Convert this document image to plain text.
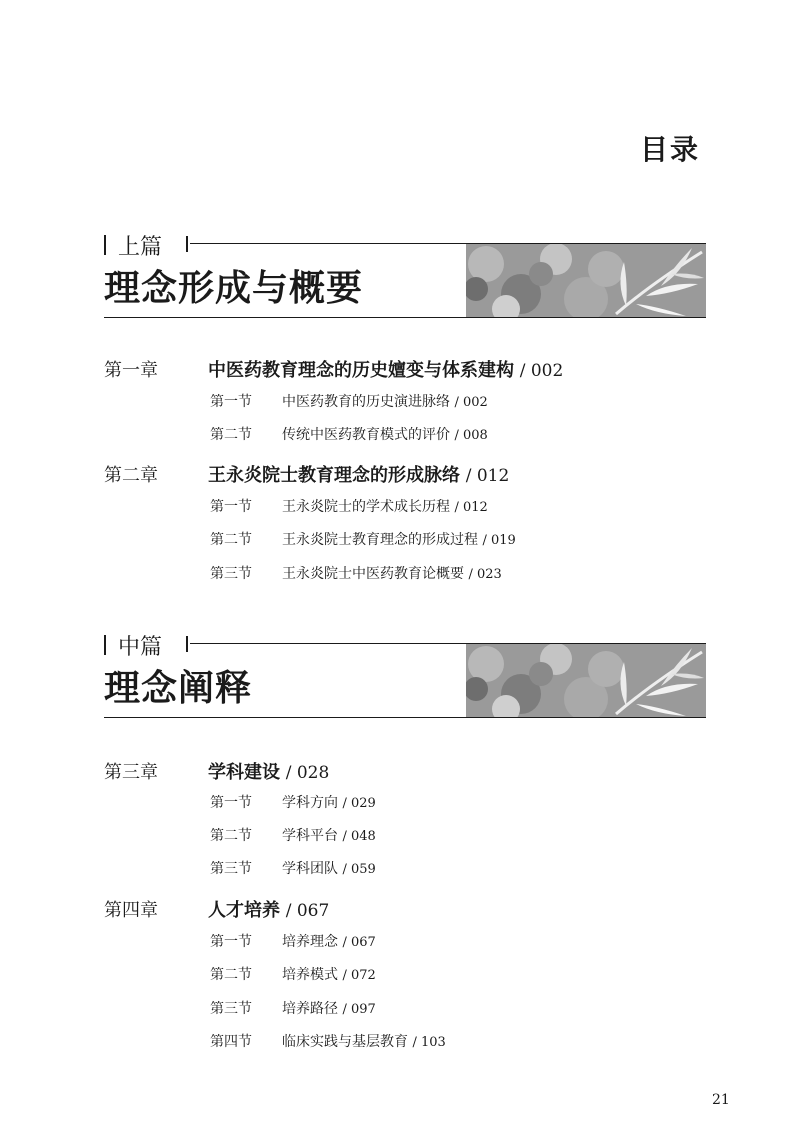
目录
上篇
理念形成与概要
第一章	中医药教育理念的历史嬗变与体系建构 / 002
第一节 中医药教育的历史演进脉络 / 002
第二节 传统中医药教育模式的评价 / 008
第二章	王永炎院士教育理念的形成脉络 / 012
第一节 王永炎院士的学术成长历程 / 012
第二节 王永炎院士教育理念的形成过程 / 019
第三节 王永炎院士中医药教育论概要 / 023
中篇
理念阐释
第三章	学科建设 / 028
第一节 学科方向 / 029
第二节 学科平台 / 048
第三节 学科团队 / 059
第四章	人才培养 / 067
第一节 培养理念 / 067
第二节 培养模式 / 072
第三节 培养路径 / 097
第四节 临床实践与基层教育 / 103
21
